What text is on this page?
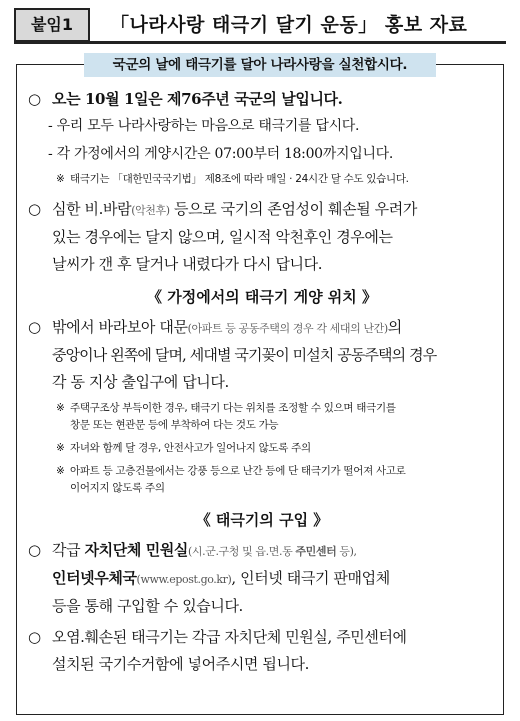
붙임1	「나라사랑 태극기 달기 운동」 홍보 자료
국군의 날에 태극기를 달아 나라사랑을 실천합시다.
○ 오는 10월 1일은 제76주년 국군의 날입니다.
- 우리 모두 나라사랑하는 마음으로 태극기를 답시다.
- 각 가정에서의 게양시간은 07:00부터 18:00까지입니다.
※ 태극기는 「대한민국국기법」 제8조에 따라 매일 · 24시간 달 수도 있습니다.
○ 심한 비.바람(악천후) 등으로 국기의 존엄성이 훼손될 우려가
있는 경우에는 달지 않으며, 일시적 악천후인 경우에는
날씨가 갠 후 달거나 내렸다가 다시 답니다.
《 가정에서의 태극기 게양 위치 》
○ 밖에서 바라보아 대문(아파트 등 공동주택의 경우 각 세대의 난간)의
중앙이나 왼쪽에 달며, 세대별 국기꽂이 미설치 공동주택의 경우
각 동 지상 출입구에 답니다.
※ 주택구조상 부득이한 경우, 태극기 다는 위치를 조정할 수 있으며 태극기를
창문 또는 현관문 등에 부착하여 다는 것도 가능
※ 자녀와 함께 달 경우, 안전사고가 일어나지 않도록 주의
※ 아파트 등 고층건물에서는 강풍 등으로 난간 등에 단 태극기가 떨어져 사고로
이어지지 않도록 주의
《 태극기의 구입 》
○ 각급 자치단체 민원실(시.군.구청 및 읍.면.동 주민센터 등),
인터넷우체국(www.epost.go.kr), 인터넷 태극기 판매업체
등을 통해 구입할 수 있습니다.
○ 오염.훼손된 태극기는 각급 자치단체 민원실, 주민센터에
설치된 국기수거함에 넣어주시면 됩니다.
